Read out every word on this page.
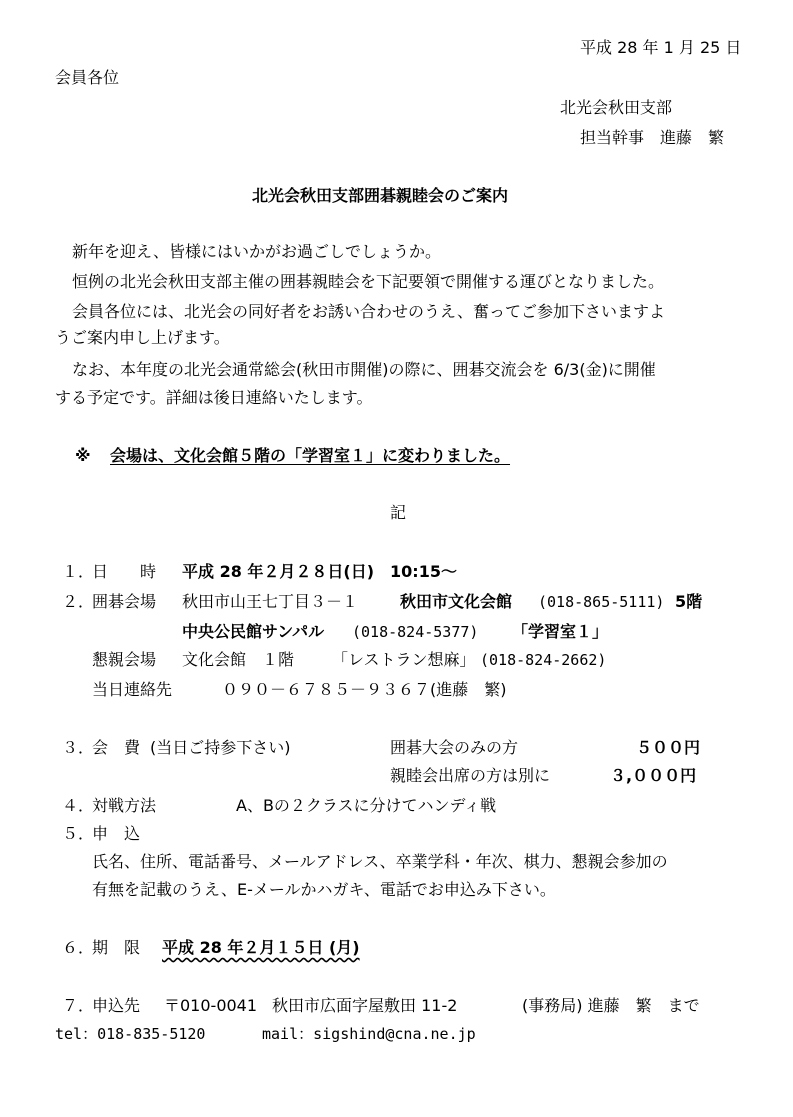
平成 28 年 1 月 25 日
会員各位
北光会秋田支部
担当幹事　進藤　繁
北光会秋田支部囲碁親睦会のご案内
新年を迎え、皆様にはいかがお過ごしでしょうか。
恒例の北光会秋田支部主催の囲碁親睦会を下記要領で開催する運びとなりました。
会員各位には、北光会の同好者をお誘い合わせのうえ、奮ってご参加下さいますよ
うご案内申し上げます。
なお、本年度の北光会通常総会(秋田市開催)の際に、囲碁交流会を 6/3(金)に開催
する予定です。詳細は後日連絡いたします。
※ 会場は、文化会館５階の「学習室１」に変わりました。
記
１．
日　　時 平成 28 年２月２８日(日)　10:15～
２．
囲碁会場 秋田市山王七丁目３－１	秋田市文化会館 (018-865-5111) 5階
中央公民館サンパル (018-824-5377) 「学習室１」
懇親会場 文化会館　１階 「レストラン想麻」 (018-824-2662)
当日連絡先	０９０－６７８５－９３６７(進藤　繁)
３．
会　費 (当日ご持参下さい)	囲碁大会のみの方	５００円
親睦会出席の方は別に	３,０００円
４．
対戦方法	A、Bの２クラスに分けてハンディ戦
５．
申　込
氏名、住所、電話番号、メールアドレス、卒業学科・年次、棋力、懇親会参加の
有無を記載のうえ、E-メールかハガキ、電話でお申込み下さい。
６．
期　限 平成 28 年２月１５日 (月)
７．
申込先 〒010-0041 秋田市広面字屋敷田 11-2	(事務局) 進藤　繁　まで
tel：018-835-5120	mail：sigshind@cna.ne.jp
